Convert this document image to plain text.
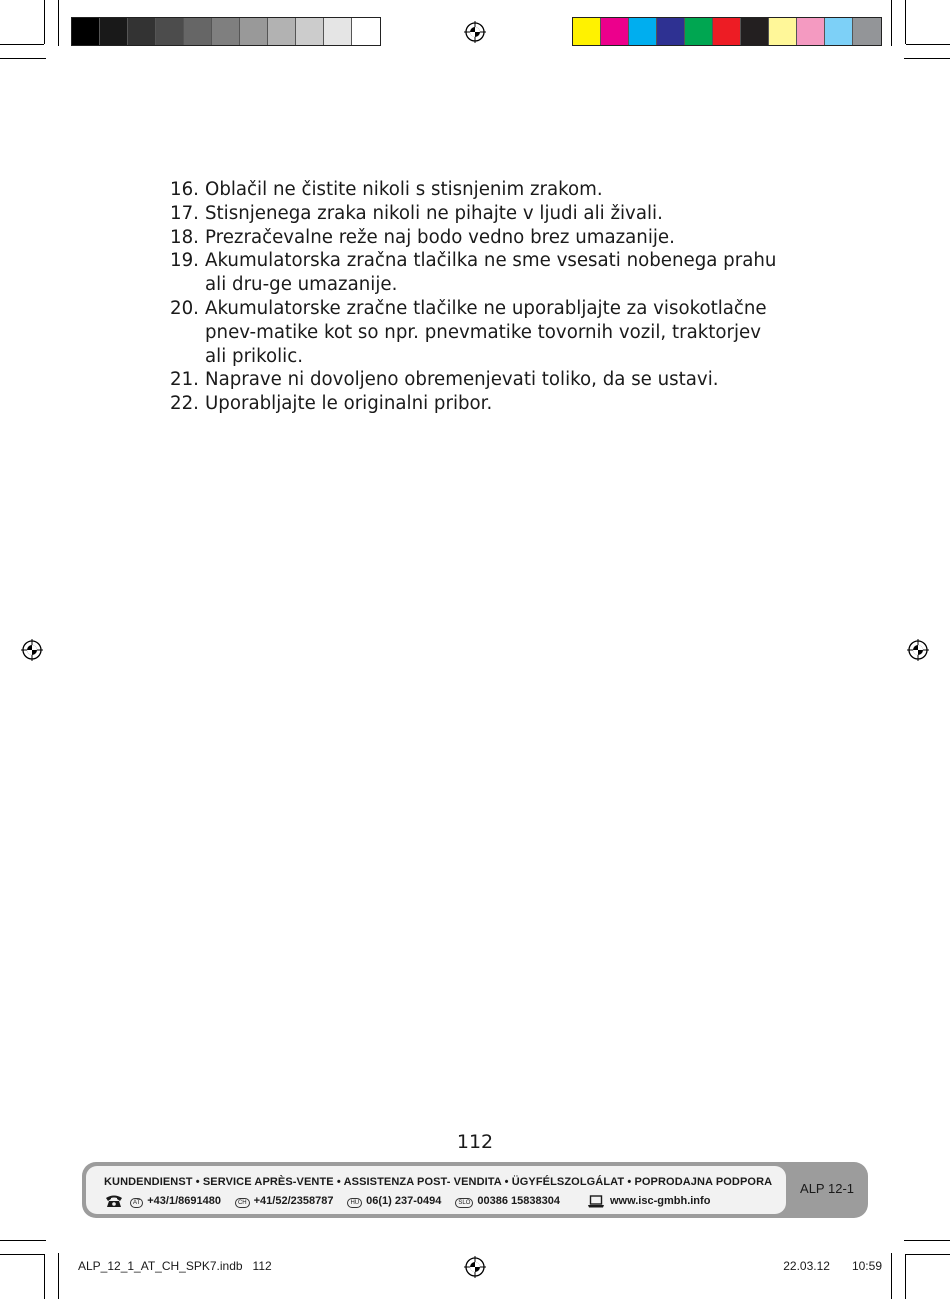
16. Oblačil ne čistite nikoli s stisnjenim zrakom.
17. Stisnjenega zraka nikoli ne pihajte v ljudi ali živali.
18. Prezračevalne reže naj bodo vedno brez umazanije.
19. Akumulatorska zračna tlačilka ne sme vsesati nobenega prahu ali dru-ge umazanije.
20. Akumulatorske zračne tlačilke ne uporabljajte za visokotlačne pnev-matike kot so npr. pnevmatike tovornih vozil, traktorjev ali prikolic.
21. Naprave ni dovoljeno obremenjevati toliko, da se ustavi.
22. Uporabljajte le originalni pribor.
112
KUNDENDIENST • SERVICE APRÈS-VENTE • ASSISTENZA POST- VENDITA • ÜGYFÉLSZOLGÁLAT • POPRODAJNA PODPORA
AT +43/1/8691480	CH +41/52/2358787	HU 06(1) 237-0494	SLO 00386 15838304	www.isc-gmbh.info
ALP 12-1
ALP_12_1_AT_CH_SPK7.indb   112	22.03.12   10:59
